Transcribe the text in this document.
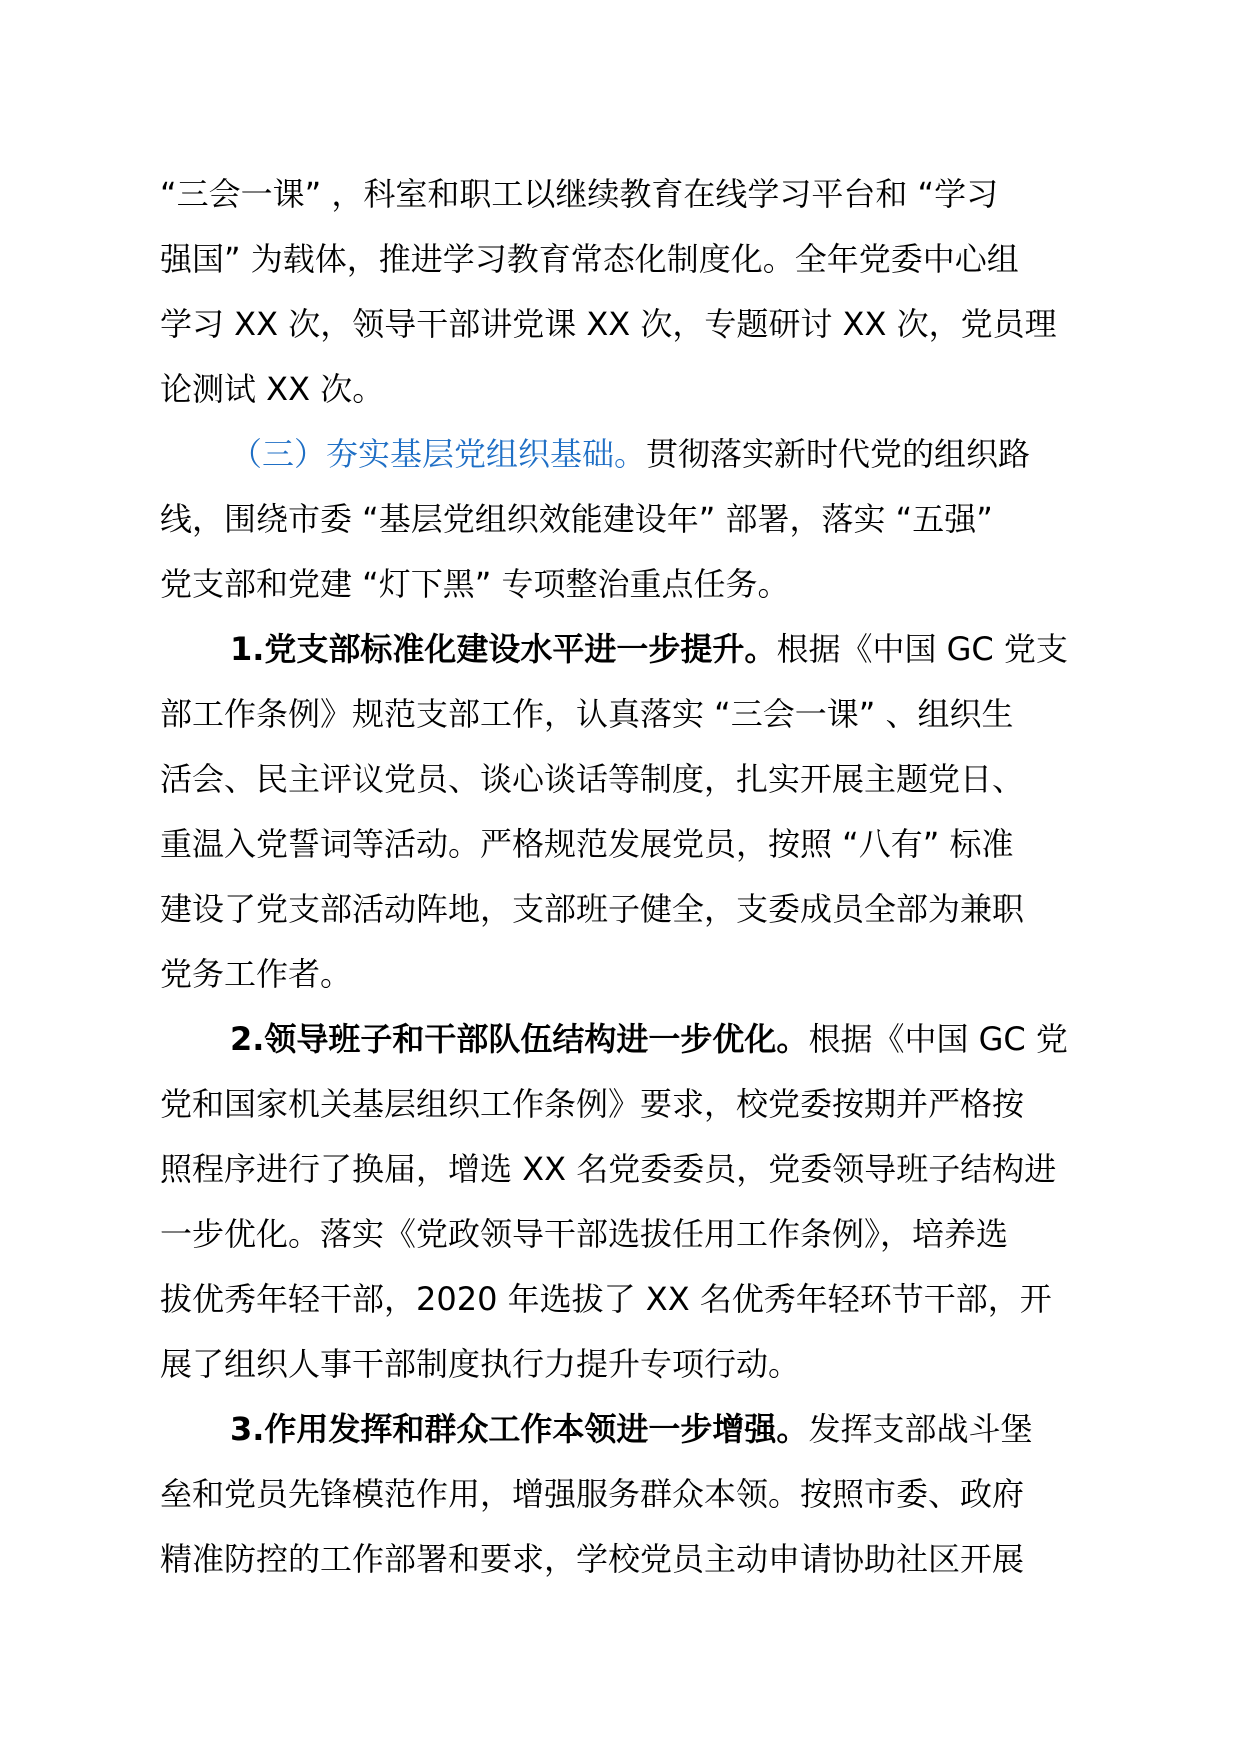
“三会一课” ，科室和职工以继续教育在线学习平台和 “学习
强国” 为载体，推进学习教育常态化制度化。全年党委中心组
学习 XX 次，领导干部讲党课 XX 次，专题研讨 XX 次，党员理
论测试 XX 次。
（三）夯实基层党组织基础。贯彻落实新时代党的组织路
线，围绕市委 “基层党组织效能建设年” 部署，落实 “五强”
党支部和党建 “灯下黑” 专项整治重点任务。
1.党支部标准化建设水平进一步提升。根据《中国 GC 党支
部工作条例》规范支部工作，认真落实 “三会一课” 、组织生
活会、民主评议党员、谈心谈话等制度，扎实开展主题党日、
重温入党誓词等活动。严格规范发展党员，按照 “八有” 标准
建设了党支部活动阵地，支部班子健全，支委成员全部为兼职
党务工作者。
2.领导班子和干部队伍结构进一步优化。根据《中国 GC 党
党和国家机关基层组织工作条例》要求，校党委按期并严格按
照程序进行了换届，增选 XX 名党委委员，党委领导班子结构进
一步优化。落实《党政领导干部选拔任用工作条例》，培养选
拔优秀年轻干部，2020 年选拔了 XX 名优秀年轻环节干部，开
展了组织人事干部制度执行力提升专项行动。
3.作用发挥和群众工作本领进一步增强。发挥支部战斗堡
垒和党员先锋模范作用，增强服务群众本领。按照市委、政府
精准防控的工作部署和要求，学校党员主动申请协助社区开展
